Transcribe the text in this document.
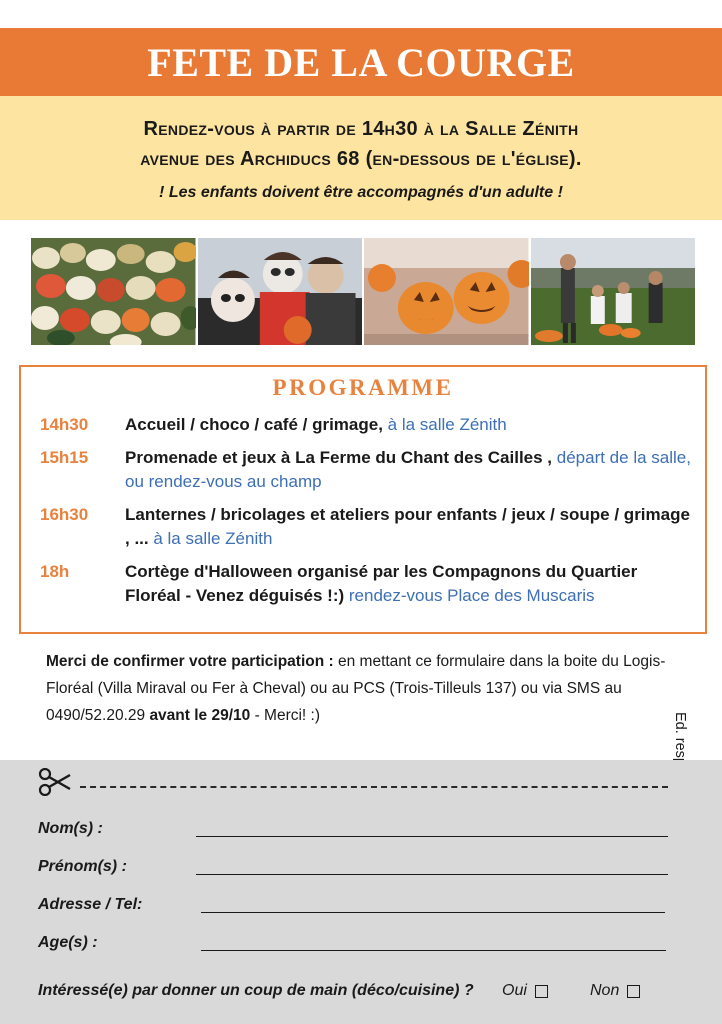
FETE DE LA COURGE
Rendez-vous à partir de 14h30 à la Salle Zénith
avenue des Archiducs 68 (en-dessous de l'église).
! Les enfants doivent être accompagnés d'un adulte !
PROGRAMME
14h30	Accueil / choco / café / grimage, à la salle Zénith
15h15	Promenade et jeux à La Ferme du Chant des Cailles , départ de la salle, ou rendez-vous au champ
16h30	Lanternes / bricolages et ateliers pour enfants / jeux / soupe / grimage , ... à la salle Zénith
18h	Cortège d'Halloween organisé par les Compagnons du Quartier Floréal - Venez déguisés !:) rendez-vous Place des Muscaris
Merci de confirmer votre participation : en mettant ce formulaire dans la boite du Logis-Floréal (Villa Miraval ou Fer à Cheval) ou au PCS (Trois-Tilleuls 137) ou via SMS au 0490/52.20.29 avant le 29/10 - Merci! :)
Nom(s) :
Prénom(s) :
Adresse / Tel:
Age(s) :
Intéressé(e) par donner un coup de main (déco/cuisine) ? Oui	Non
